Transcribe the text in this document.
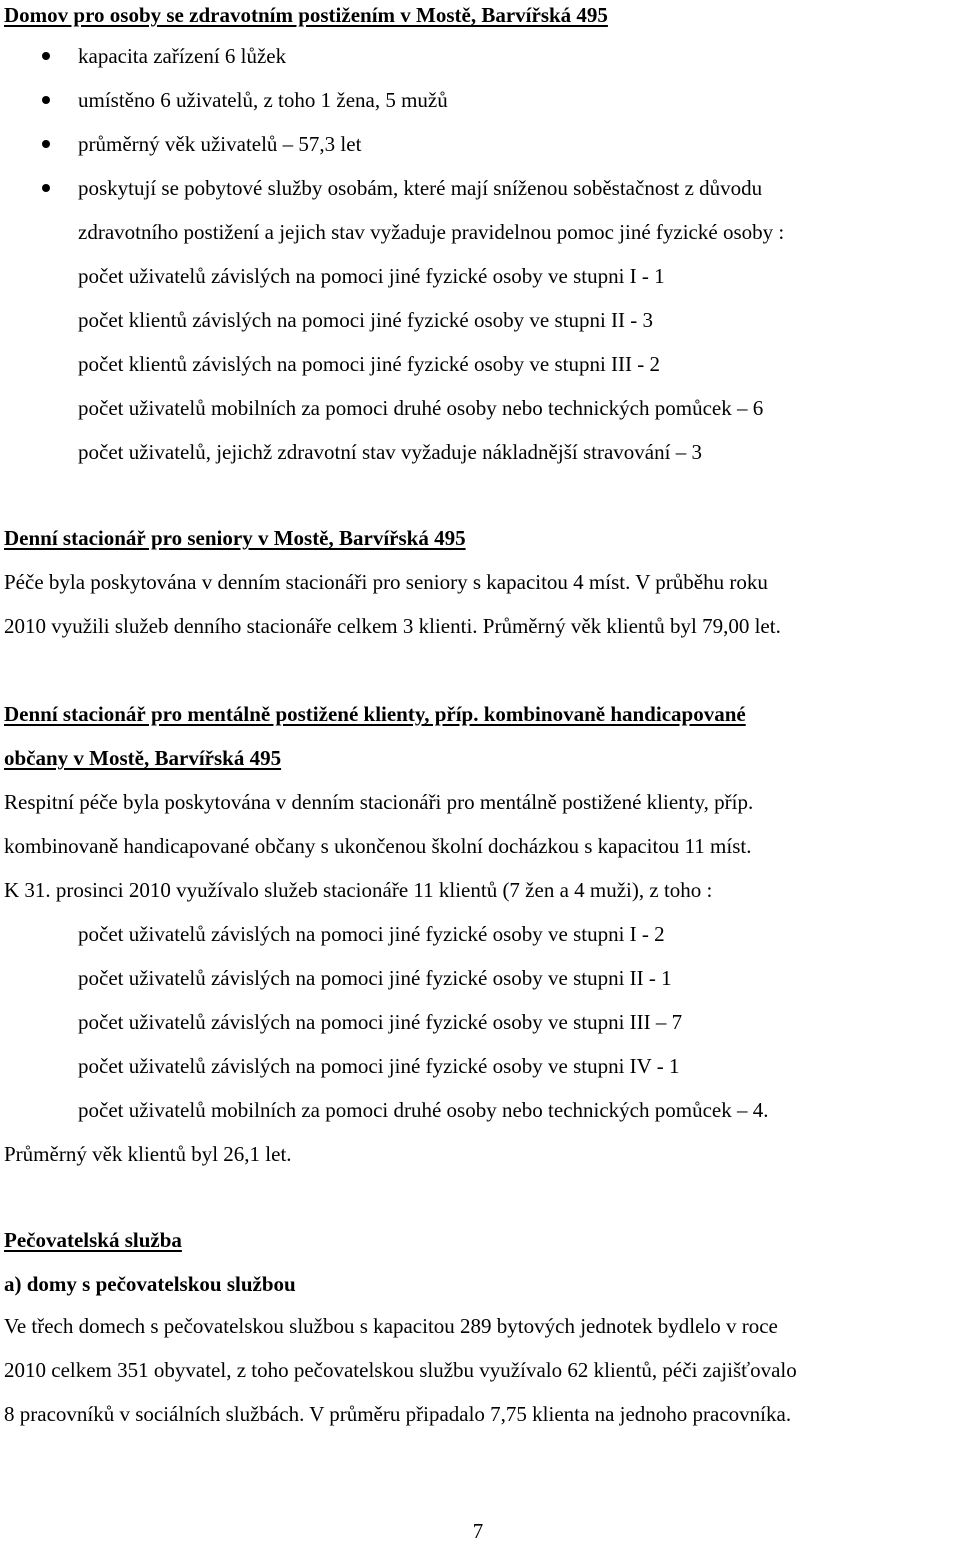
Domov pro osoby se zdravotním postižením v Mostě, Barvířská 495
kapacita zařízení 6 lůžek
umístěno 6 uživatelů, z toho 1 žena, 5 mužů
průměrný věk uživatelů – 57,3 let
poskytují se pobytové služby osobám, které mají sníženou soběstačnost z důvodu
zdravotního postižení a jejich stav vyžaduje pravidelnou pomoc jiné fyzické osoby :
počet uživatelů závislých na pomoci jiné fyzické osoby ve stupni I - 1
počet klientů závislých na pomoci jiné fyzické osoby ve stupni II - 3
počet klientů závislých na pomoci jiné fyzické osoby ve stupni III - 2
počet uživatelů mobilních za pomoci druhé osoby nebo technických pomůcek – 6
počet uživatelů, jejichž zdravotní stav vyžaduje nákladnější stravování – 3
Denní stacionář pro seniory v Mostě, Barvířská 495
Péče byla poskytována v denním stacionáři pro seniory s kapacitou 4 míst. V průběhu roku
2010 využili služeb denního stacionáře celkem 3 klienti. Průměrný věk klientů byl 79,00 let.
Denní stacionář pro mentálně postižené klienty, příp. kombinovaně handicapované
občany v Mostě, Barvířská 495
Respitní péče byla poskytována v denním stacionáři pro mentálně postižené klienty, příp.
kombinovaně handicapované občany s ukončenou školní docházkou s kapacitou 11 míst.
K 31. prosinci 2010 využívalo služeb stacionáře 11 klientů (7 žen a 4 muži), z toho :
počet uživatelů závislých na pomoci jiné fyzické osoby ve stupni I - 2
počet uživatelů závislých na pomoci jiné fyzické osoby ve stupni II - 1
počet uživatelů závislých na pomoci jiné fyzické osoby ve stupni III – 7
počet uživatelů závislých na pomoci jiné fyzické osoby ve stupni IV - 1
počet uživatelů mobilních za pomoci druhé osoby nebo technických pomůcek – 4.
Průměrný věk klientů byl 26,1 let.
Pečovatelská služba
a) domy s pečovatelskou službou
Ve třech domech s pečovatelskou službou s kapacitou 289 bytových jednotek bydlelo v roce
2010 celkem 351 obyvatel, z toho pečovatelskou službu využívalo 62 klientů, péči zajišťovalo
8 pracovníků v sociálních službách. V průměru připadalo 7,75 klienta na jednoho pracovníka.
7
